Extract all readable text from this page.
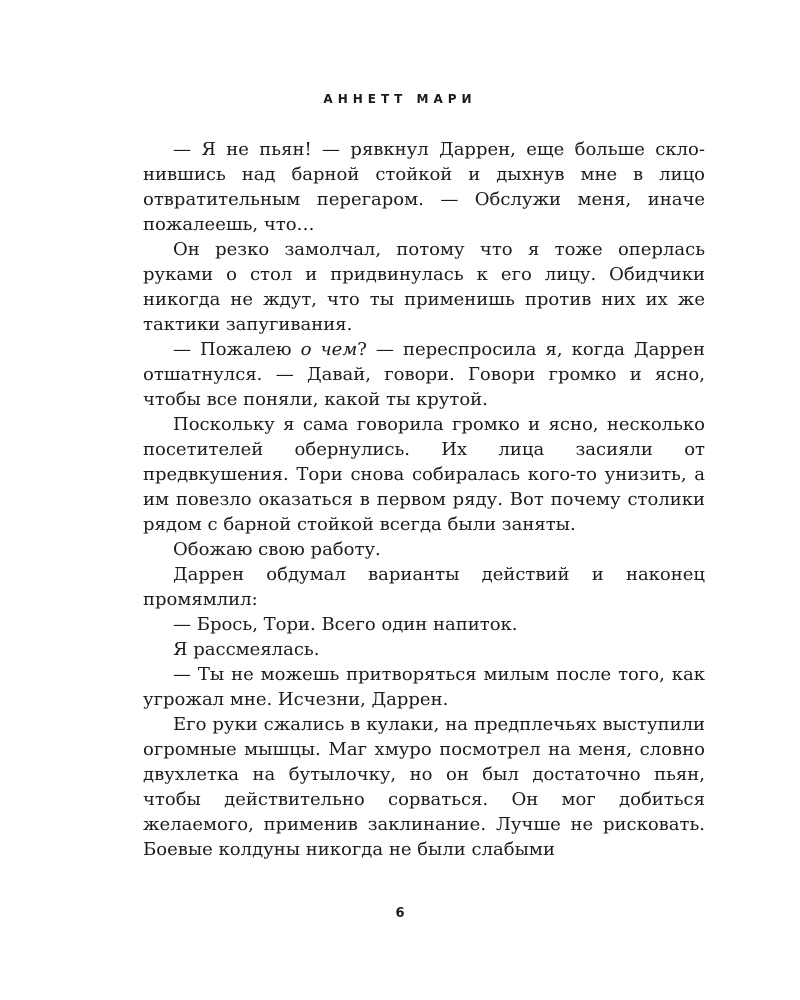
АННЕТТ МАРИ

— Я не пьян! — рявкнул Даррен, еще больше склонившись над барной стойкой и дыхнув мне в лицо отвратительным перегаром. — Обслужи меня, иначе пожалеешь, что…

Он резко замолчал, потому что я тоже оперлась руками о стол и придвинулась к его лицу. Обидчики никогда не ждут, что ты применишь против них их же тактики запугивания.

— Пожалею о чем? — переспросила я, когда Даррен отшатнулся. — Давай, говори. Говори громко и ясно, чтобы все поняли, какой ты крутой.

Поскольку я сама говорила громко и ясно, несколько посетителей обернулись. Их лица засияли от предвкушения. Тори снова собиралась кого-то унизить, а им повезло оказаться в первом ряду. Вот почему столики рядом с барной стойкой всегда были заняты.

Обожаю свою работу.

Даррен обдумал варианты действий и наконец промямлил:

— Брось, Тори. Всего один напиток.

Я рассмеялась.

— Ты не можешь притворяться милым после того, как угрожал мне. Исчезни, Даррен.

Его руки сжались в кулаки, на предплечьях выступили огромные мышцы. Маг хмуро посмотрел на меня, словно двухлетка на бутылочку, но он был достаточно пьян, чтобы действительно сорваться. Он мог добиться желаемого, применив заклинание. Лучше не рисковать. Боевые колдуны никогда не были слабыми

6
